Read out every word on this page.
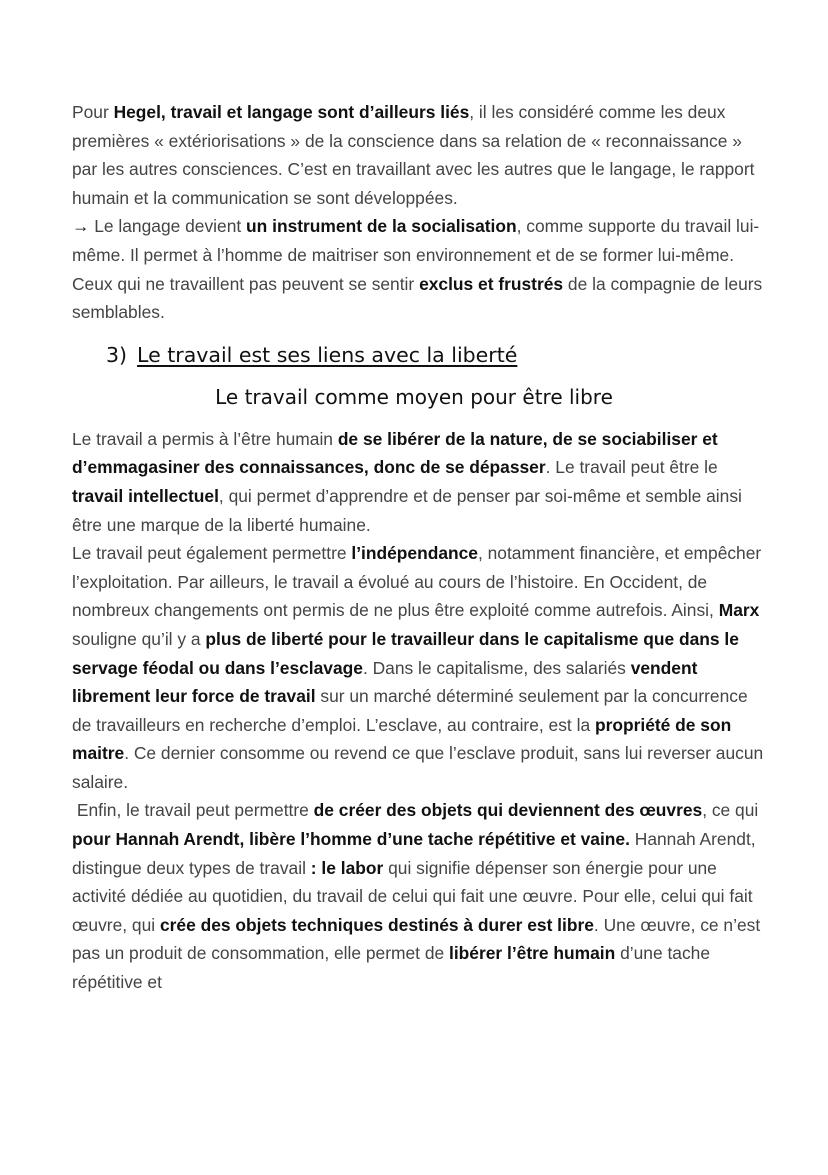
Pour Hegel, travail et langage sont d’ailleurs liés, il les considéré comme les deux premières « extériorisations » de la conscience dans sa relation de « reconnaissance » par les autres consciences. C’est en travaillant avec les autres que le langage, le rapport humain et la communication se sont développées.

→ Le langage devient un instrument de la socialisation, comme supporte du travail lui-même. Il permet à l’homme de maitriser son environnement et de se former lui-même. Ceux qui ne travaillent pas peuvent se sentir exclus et frustrés de la compagnie de leurs semblables.

3) Le travail est ses liens avec la liberté
Le travail comme moyen pour être libre

Le travail a permis à l’être humain de se libérer de la nature, de se sociabiliser et d’emmagasiner des connaissances, donc de se dépasser. Le travail peut être le travail intellectuel, qui permet d’apprendre et de penser par soi-même et semble ainsi être une marque de la liberté humaine.

Le travail peut également permettre l’indépendance, notamment financière, et empêcher l’exploitation. Par ailleurs, le travail a évolué au cours de l’histoire. En Occident, de nombreux changements ont permis de ne plus être exploité comme autrefois. Ainsi, Marx souligne qu’il y a plus de liberté pour le travailleur dans le capitalisme que dans le servage féodal ou dans l’esclavage. Dans le capitalisme, des salariés vendent librement leur force de travail sur un marché déterminé seulement par la concurrence de travailleurs en recherche d’emploi. L’esclave, au contraire, est la propriété de son maitre. Ce dernier consomme ou revend ce que l’esclave produit, sans lui reverser aucun salaire.

Enfin, le travail peut permettre de créer des objets qui deviennent des œuvres, ce qui pour Hannah Arendt, libère l’homme d’une tache répétitive et vaine. Hannah Arendt, distingue deux types de travail : le labor qui signifie dépenser son énergie pour une activité dédiée au quotidien, du travail de celui qui fait une œuvre. Pour elle, celui qui fait œuvre, qui crée des objets techniques destinés à durer est libre. Une œuvre, ce n’est pas un produit de consommation, elle permet de libérer l’être humain d’une tache répétitive et
